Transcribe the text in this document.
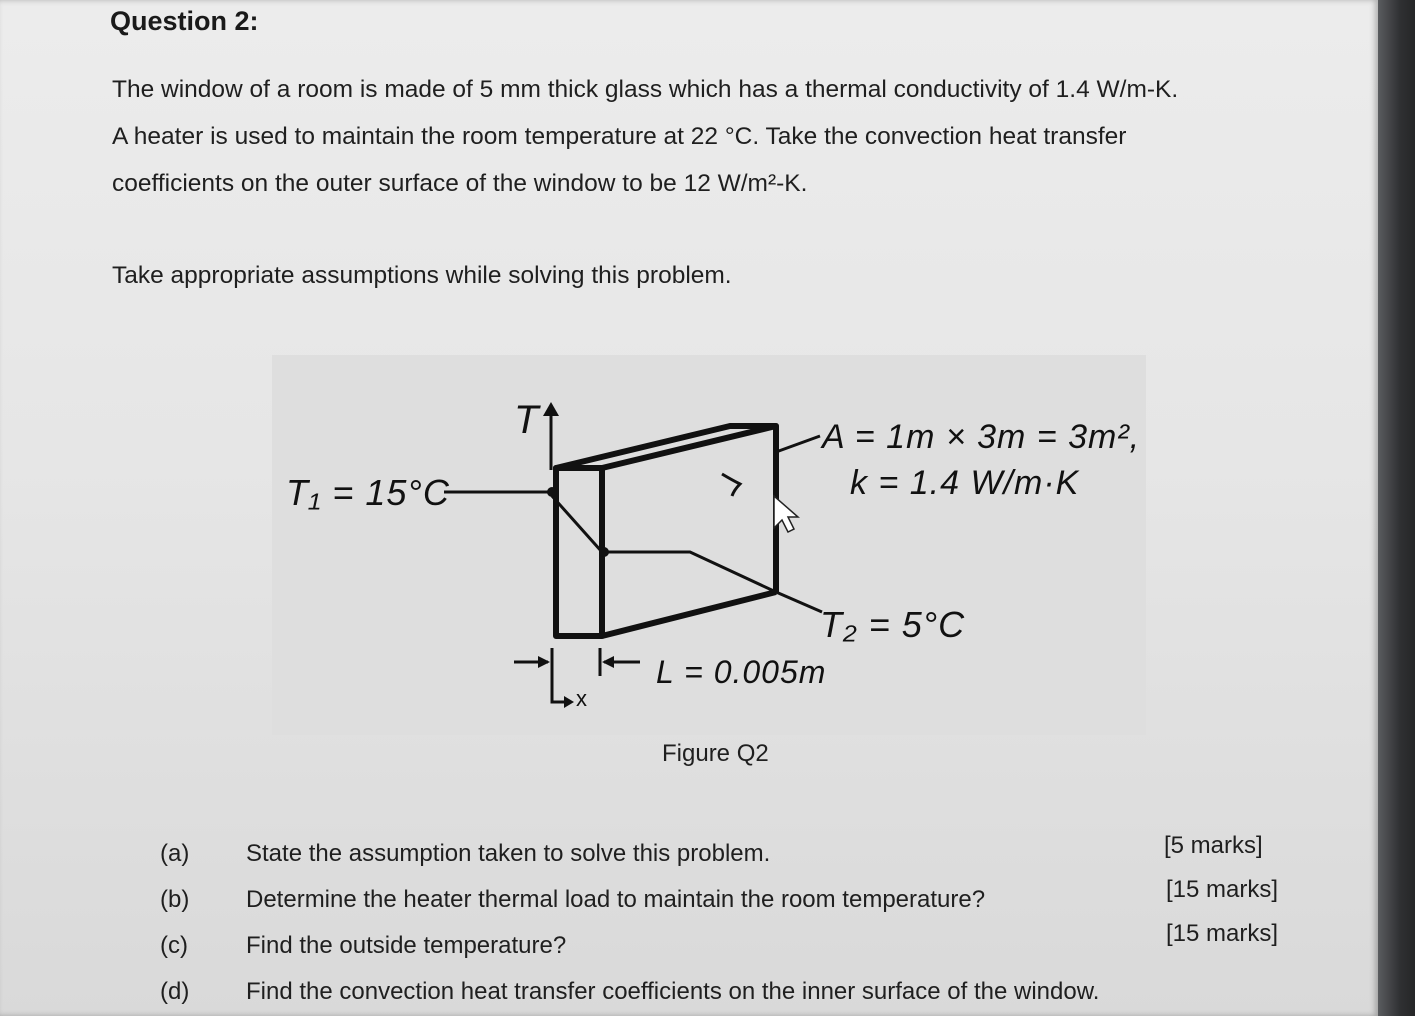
Question 2:
The window of a room is made of 5 mm thick glass which has a thermal conductivity of 1.4 W/m-K.
A heater is used to maintain the room temperature at 22 °C. Take the convection heat transfer
coefficients on the outer surface of the window to be 12 W/m²-K.
Take appropriate assumptions while solving this problem.
T
T₁ = 15°C
A = 1m × 3m = 3m²,
k = 1.4 W/m·K
T₂ = 5°C
L = 0.005m
x
Figure Q2
(a) State the assumption taken to solve this problem.	[5 marks]
(b) Determine the heater thermal load to maintain the room temperature?	[15 marks]
(c) Find the outside temperature?	[15 marks]
(d) Find the convection heat transfer coefficients on the inner surface of the window.
